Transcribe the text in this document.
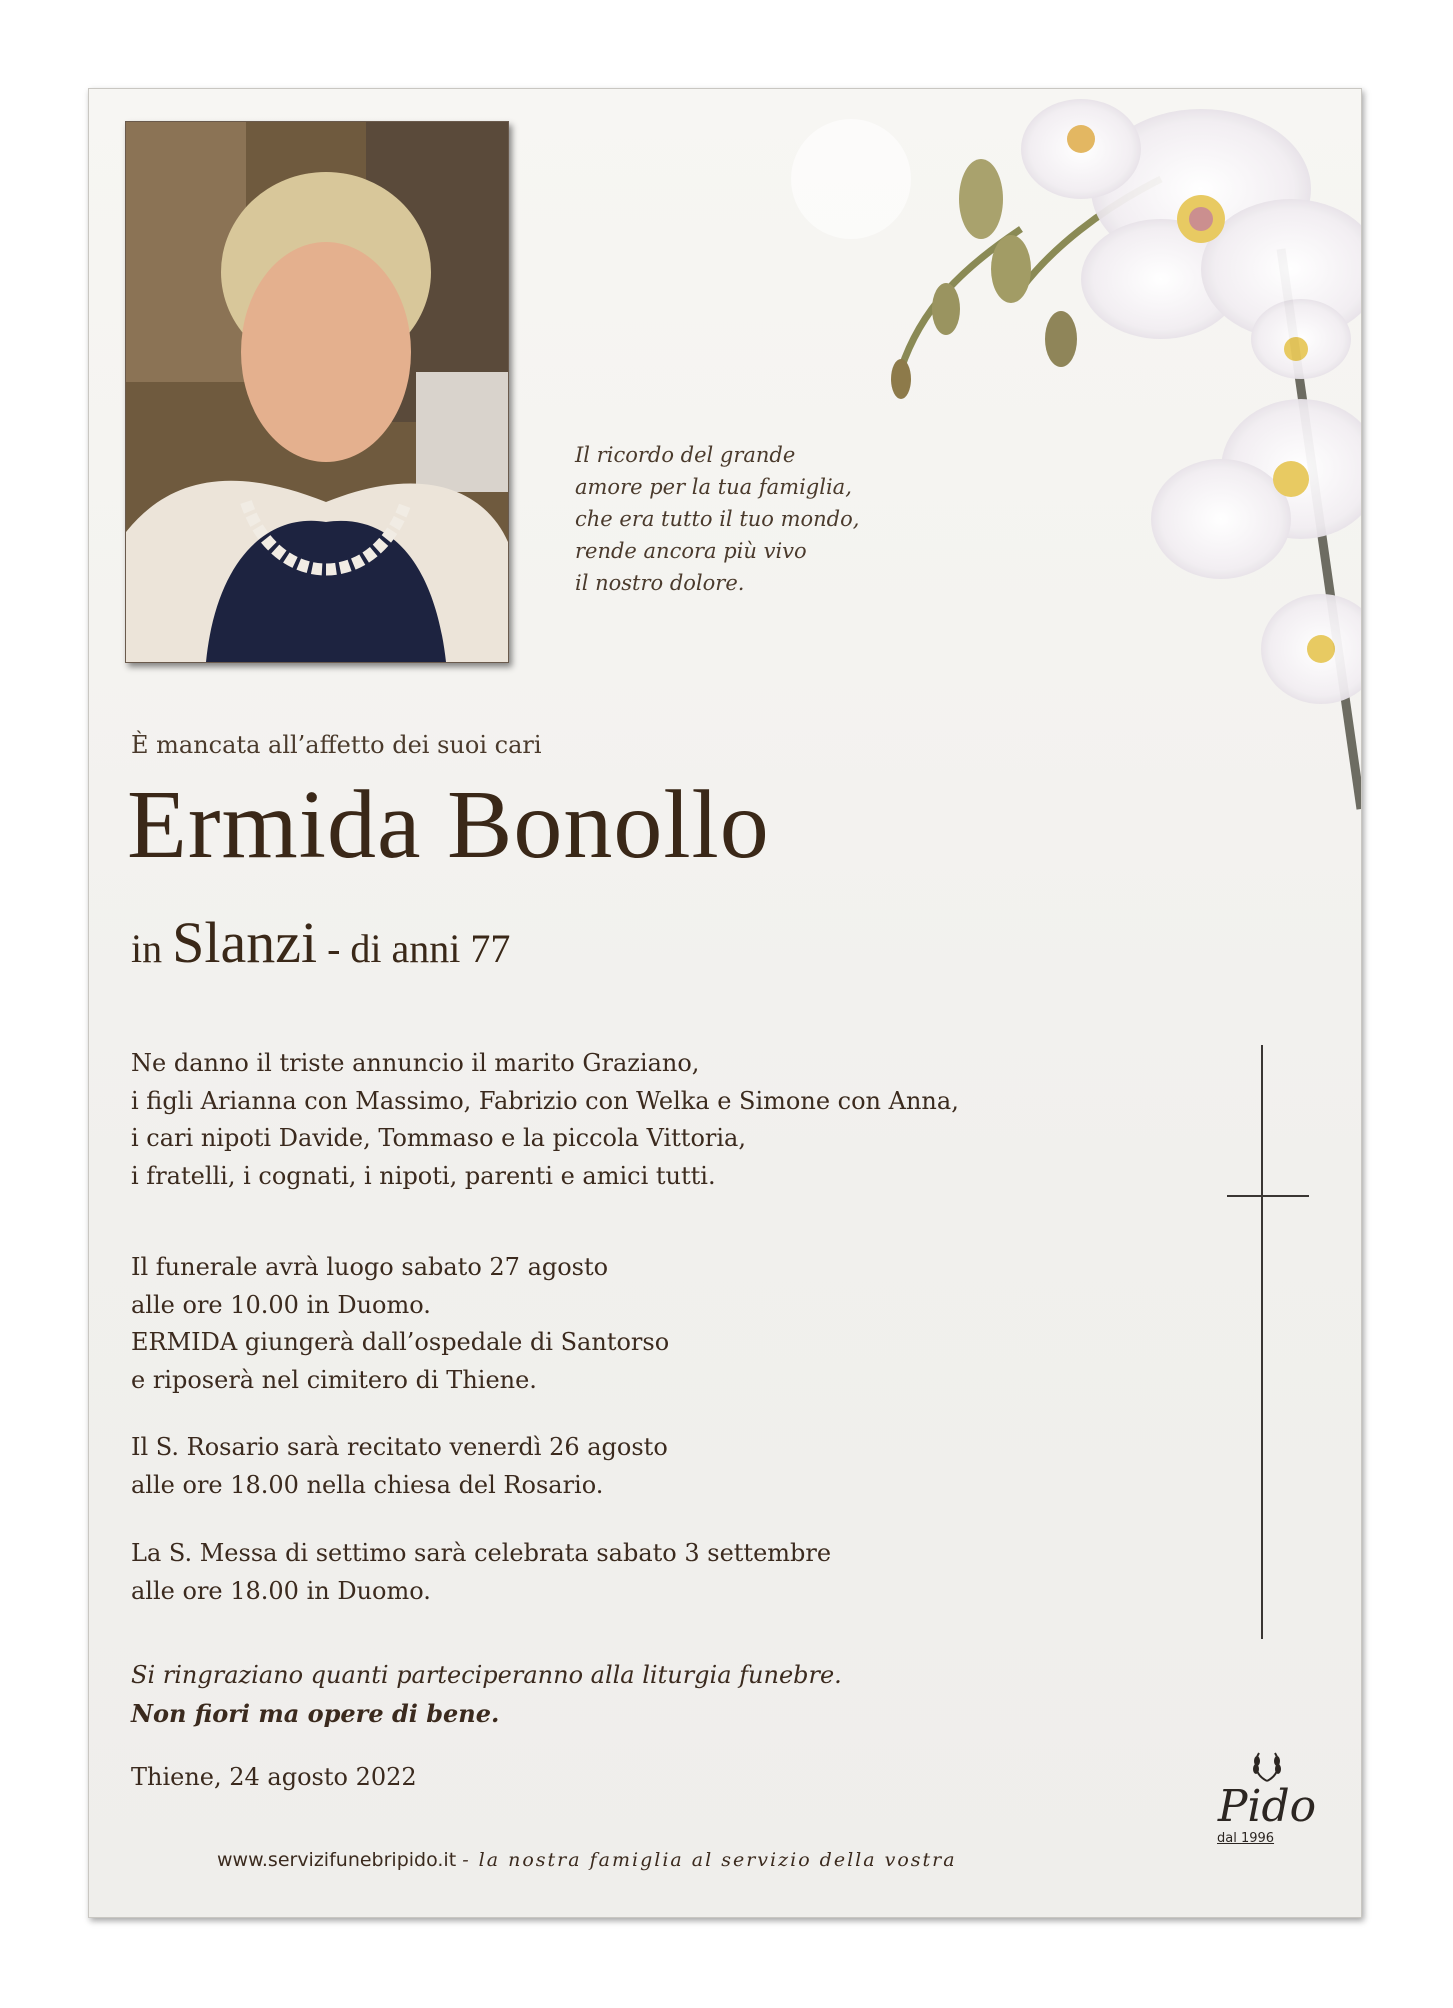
Il ricordo del grande
amore per la tua famiglia,
che era tutto il tuo mondo,
rende ancora più vivo
il nostro dolore.
È mancata all’affetto dei suoi cari
Ermida Bonollo
in Slanzi - di anni 77
Ne danno il triste annuncio il marito Graziano,
i figli Arianna con Massimo, Fabrizio con Welka e Simone con Anna,
i cari nipoti Davide, Tommaso e la piccola Vittoria,
i fratelli, i cognati, i nipoti, parenti e amici tutti.
Il funerale avrà luogo sabato 27 agosto
alle ore 10.00 in Duomo.
ERMIDA giungerà dall’ospedale di Santorso
e riposerà nel cimitero di Thiene.
Il S. Rosario sarà recitato venerdì 26 agosto
alle ore 18.00 nella chiesa del Rosario.
La S. Messa di settimo sarà celebrata sabato 3 settembre
alle ore 18.00 in Duomo.
Si ringraziano quanti parteciperanno alla liturgia funebre.
Non fiori ma opere di bene.
Thiene, 24 agosto 2022
Pido
dal 1996
www.servizifunebripido.it - la nostra famiglia al servizio della vostra
